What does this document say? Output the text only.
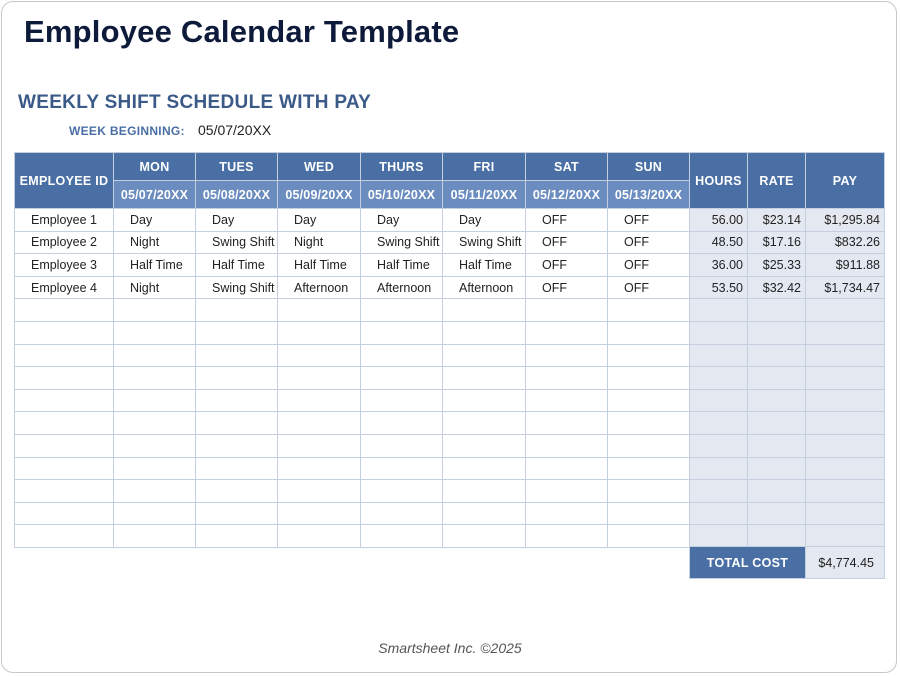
Employee Calendar Template
WEEKLY SHIFT SCHEDULE WITH PAY
WEEK BEGINNING: 05/07/20XX
EMPLOYEE ID	MON	TUES	WED	THURS	FRI	SAT	SUN	HOURS	RATE	PAY
	05/07/20XX	05/08/20XX	05/09/20XX	05/10/20XX	05/11/20XX	05/12/20XX	05/13/20XX			
Employee 1	Day	Day	Day	Day	Day	OFF	OFF	56.00	$23.14	$1,295.84
Employee 2	Night	Swing Shift	Night	Swing Shift	Swing Shift	OFF	OFF	48.50	$17.16	$832.26
Employee 3	Half Time	Half Time	Half Time	Half Time	Half Time	OFF	OFF	36.00	$25.33	$911.88
Employee 4	Night	Swing Shift	Afternoon	Afternoon	Afternoon	OFF	OFF	53.50	$32.42	$1,734.47

TOTAL COST	$4,774.45
Smartsheet Inc. ©2025
